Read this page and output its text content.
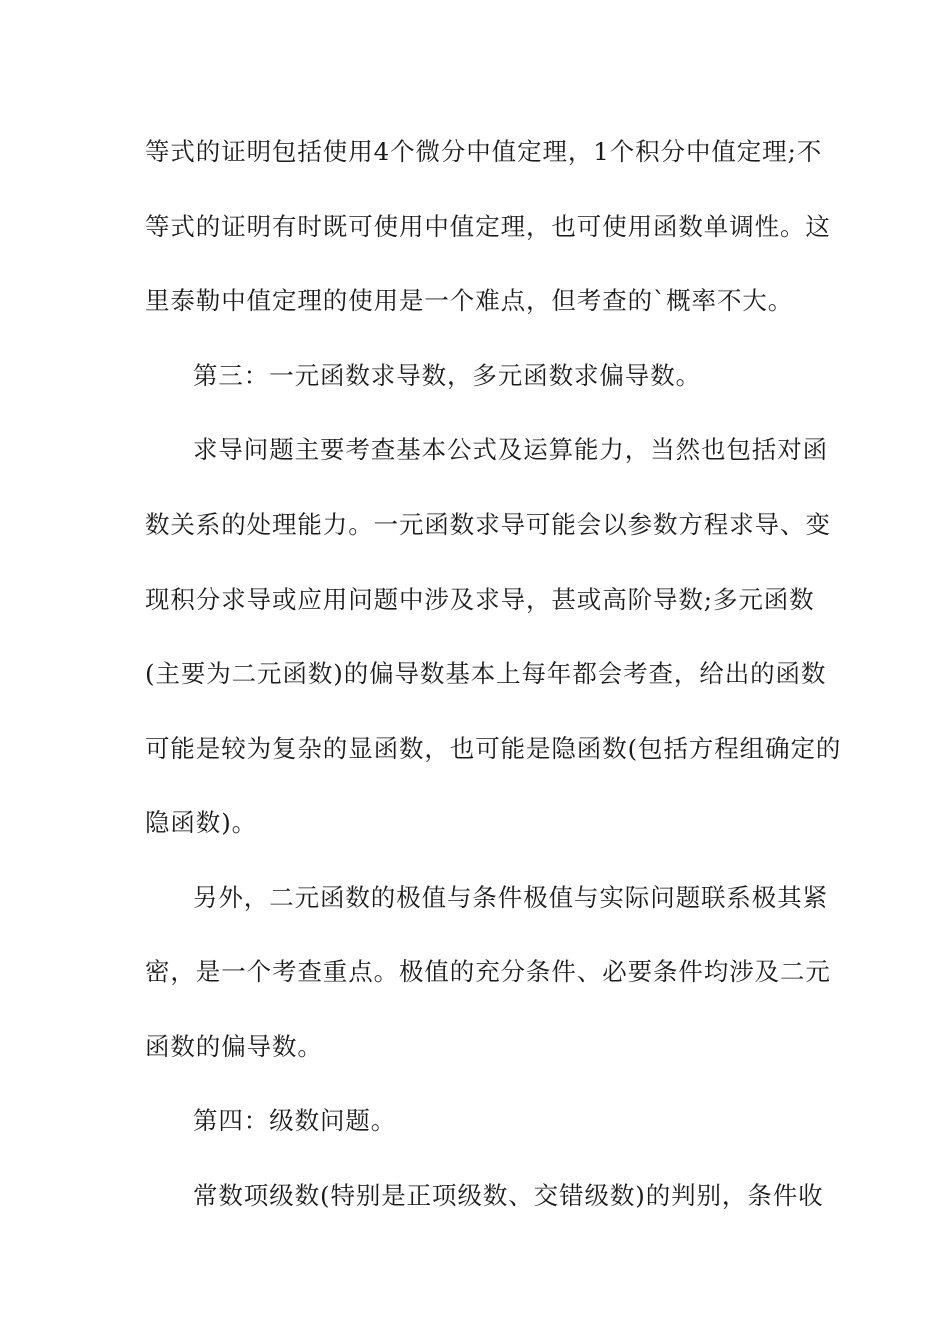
等式的证明包括使用4个微分中值定理，1个积分中值定理;不
等式的证明有时既可使用中值定理，也可使用函数单调性。这
里泰勒中值定理的使用是一个难点，但考查的`概率不大。
第三：一元函数求导数，多元函数求偏导数。
求导问题主要考查基本公式及运算能力，当然也包括对函
数关系的处理能力。一元函数求导可能会以参数方程求导、变
现积分求导或应用问题中涉及求导，甚或高阶导数;多元函数
(主要为二元函数)的偏导数基本上每年都会考查，给出的函数
可能是较为复杂的显函数，也可能是隐函数(包括方程组确定的
隐函数)。
另外，二元函数的极值与条件极值与实际问题联系极其紧
密，是一个考查重点。极值的充分条件、必要条件均涉及二元
函数的偏导数。
第四：级数问题。
常数项级数(特别是正项级数、交错级数)的判别，条件收
